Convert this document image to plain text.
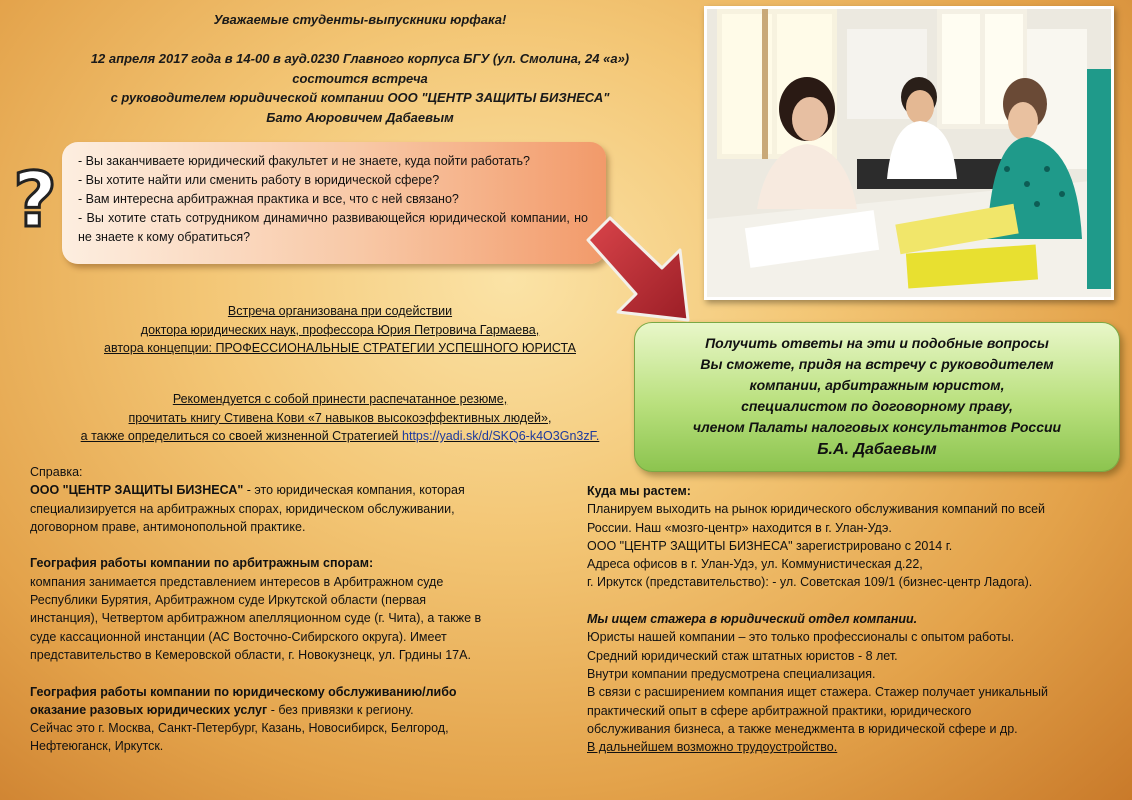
Уважаемые студенты-выпускники юрфака!
12 апреля 2017 года в 14-00 в ауд.0230 Главного корпуса БГУ (ул. Смолина, 24 «а»)
состоится встреча
с руководителем юридической компании ООО "ЦЕНТР ЗАЩИТЫ БИЗНЕСА"
Бато Аюровичем Дабаевым
?	- Вы заканчиваете юридический факультет и не знаете, куда пойти работать?
- Вы хотите найти или сменить работу в юридической сфере?
- Вам интересна арбитражная практика и все, что с ней связано?
- Вы хотите стать сотрудником динамично развивающейся юридической компании, но не знаете к кому обратиться?
Встреча организована при содействии
доктора юридических наук, профессора Юрия Петровича Гармаева,
автора концепции: ПРОФЕССИОНАЛЬНЫЕ СТРАТЕГИИ УСПЕШНОГО ЮРИСТА
Рекомендуется с собой принести распечатанное резюме,
прочитать книгу Стивена Кови «7 навыков высокоэффективных людей»,
а также определиться со своей жизненной Стратегией https://yadi.sk/d/SKQ6-k4O3Gn3zF.
Получить ответы на эти и подобные вопросы
Вы сможете, придя на встречу с руководителем
компании, арбитражным юристом,
специалистом по договорному праву,
членом Палаты налоговых консультантов России
Б.А. Дабаевым
Справка:
ООО "ЦЕНТР ЗАЩИТЫ БИЗНЕСА" - это юридическая компания, которая
специализируется на арбитражных спорах, юридическом обслуживании,
договорном праве, антимонопольной практике.
География работы компании по арбитражным спорам:
компания занимается представлением интересов в Арбитражном суде
Республики Бурятия, Арбитражном суде Иркутской области (первая
инстанция), Четвертом арбитражном апелляционном суде (г. Чита), а также в
суде кассационной инстанции (АС Восточно-Сибирского округа). Имеет
представительство в Кемеровской области, г. Новокузнецк, ул. Грдины 17А.
География работы компании по юридическому обслуживанию/либо
оказание разовых юридических услуг - без привязки к региону.
Сейчас это г. Москва, Санкт-Петербург, Казань, Новосибирск, Белгород,
Нефтеюганск, Иркутск.
Куда мы растем:
Планируем выходить на рынок юридического обслуживания компаний по всей
России. Наш «мозго-центр» находится в г. Улан-Удэ.
ООО "ЦЕНТР ЗАЩИТЫ БИЗНЕСА" зарегистрировано с 2014 г.
Адреса офисов в г. Улан-Удэ, ул. Коммунистическая д.22,
г. Иркутск (представительство): - ул. Советская 109/1 (бизнес-центр Ладога).
Мы ищем стажера в юридический отдел компании.
Юристы нашей компании – это только профессионалы с опытом работы.
Средний юридический стаж штатных юристов - 8 лет.
Внутри компании предусмотрена специализация.
В связи с расширением компания ищет стажера. Стажер получает уникальный
практический опыт в сфере арбитражной практики, юридического
обслуживания бизнеса, а также менеджмента в юридической сфере и др.
В дальнейшем возможно трудоустройство.
